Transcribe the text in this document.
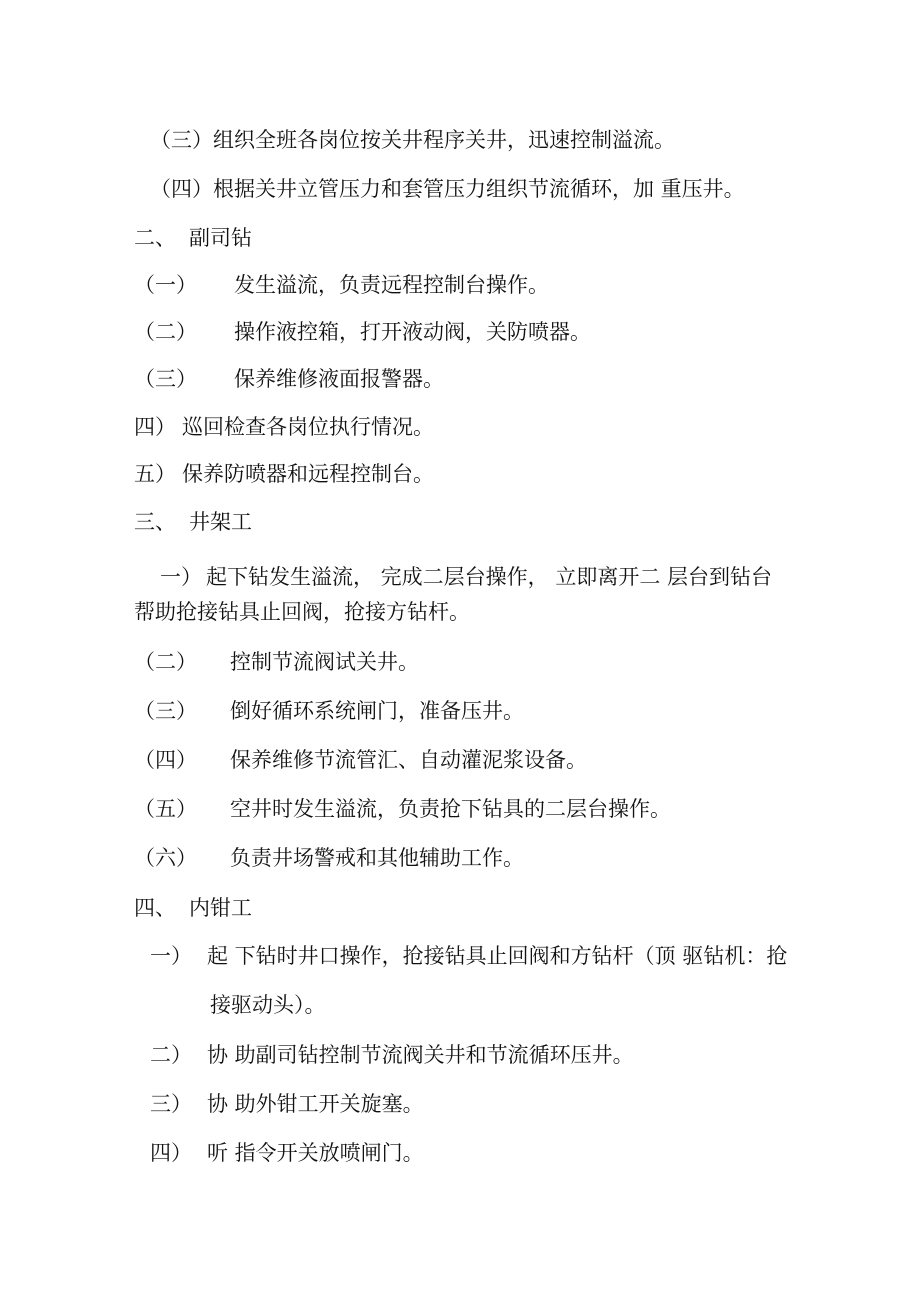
（三）组织全班各岗位按关井程序关井，迅速控制溢流。
（四）根据关井立管压力和套管压力组织节流循环，加 重压井。
二、 副司钻
（一） 发生溢流，负责远程控制台操作。
（二） 操作液控箱，打开液动阀，关防喷器。
（三） 保养维修液面报警器。
四） 巡回检查各岗位执行情况。
五） 保养防喷器和远程控制台。
三、 井架工
一） 起下钻发生溢流， 完成二层台操作， 立即离开二 层台到钻台
帮助抢接钻具止回阀，抢接方钻杆。
（二） 控制节流阀试关井。
（三） 倒好循环系统闸门，准备压井。
（四） 保养维修节流管汇、自动灌泥浆设备。
（五） 空井时发生溢流，负责抢下钻具的二层台操作。
（六） 负责井场警戒和其他辅助工作。
四、 内钳工
一） 起 下钻时井口操作，抢接钻具止回阀和方钻杆（顶 驱钻机：抢
接驱动头）。
二） 协 助副司钻控制节流阀关井和节流循环压井。
三） 协 助外钳工开关旋塞。
四） 听 指令开关放喷闸门。
